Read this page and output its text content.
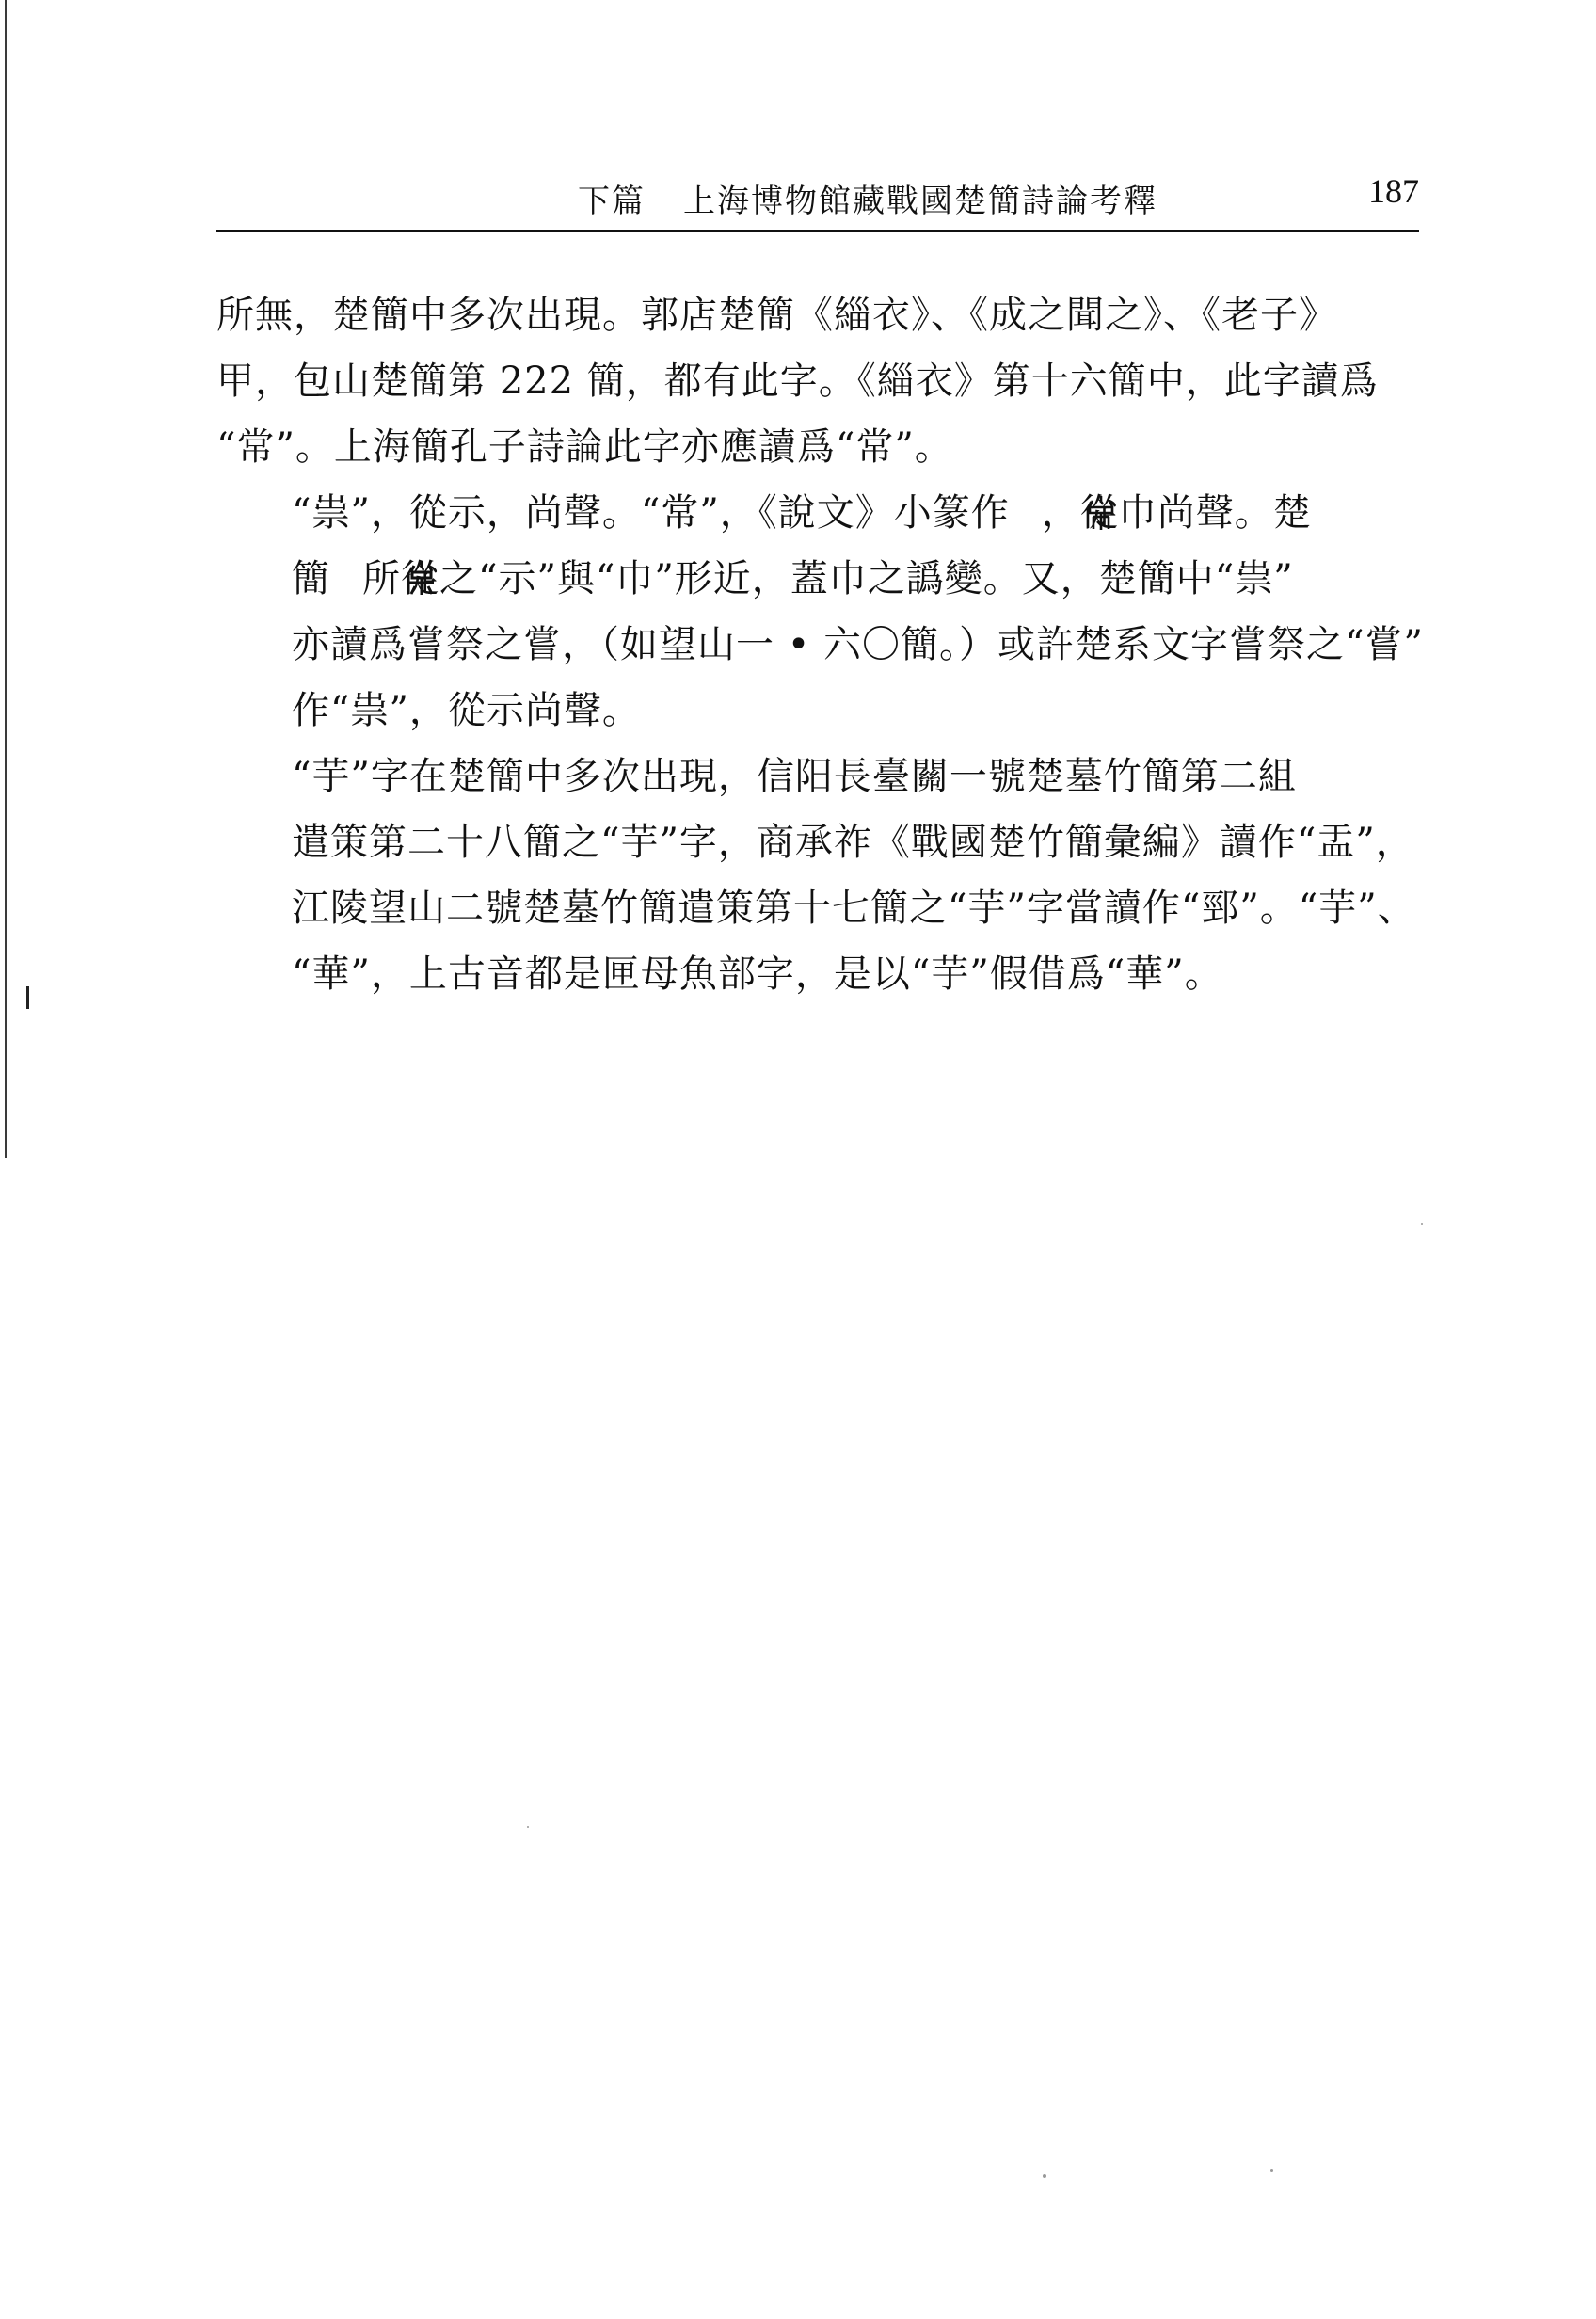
下篇 上海博物館藏戰國楚簡詩論考釋	187

所無，楚簡中多次出現。郭店楚簡《緇衣》、《成之聞之》、《老子》
甲，包山楚簡第 222 簡，都有此字。《緇衣》第十六簡中，此字讀爲
“常”。上海簡孔子詩論此字亦應讀爲“常”。

“祟”，從示，尚聲。“常”，《說文》小篆作 ，從巾尚聲。楚
簡 所從之“示”與“巾”形近，蓋巾之譌變。又，楚簡中“祟”
亦讀爲嘗祭之嘗，（如望山一 • 六〇簡。）或許楚系文字嘗祭之“嘗”
作“祟”，從示尚聲。

“芋”字在楚簡中多次出現，信阳長臺關一號楚墓竹簡第二組
遣策第二十八簡之“芋”字，商承祚《戰國楚竹簡彙編》讀作“盂”，
江陵望山二號楚墓竹簡遣策第十七簡之“芋”字當讀作“䣆”。“芋”、
“華”，上古音都是匣母魚部字，是以“芋”假借爲“華”。
